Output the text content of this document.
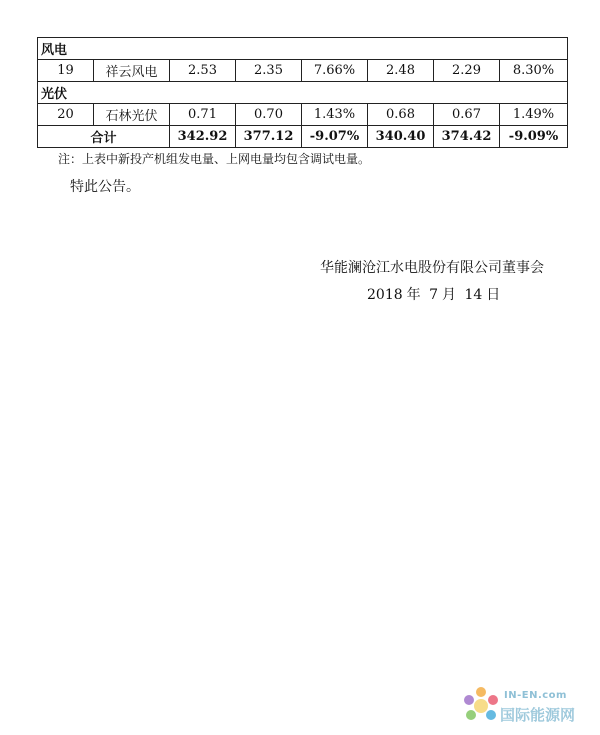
风电							
19	祥云风电	2.53	2.35	7.66%	2.48	2.29	8.30%
光伏							
20	石林光伏	0.71	0.70	1.43%	0.68	0.67	1.49%
合计		342.92	377.12	-9.07%	340.40	374.42	-9.09%
注：上表中新投产机组发电量、上网电量均包含调试电量。
特此公告。
华能澜沧江水电股份有限公司董事会
2018 年 7 月 14 日
IN-EN.com
国际能源网
